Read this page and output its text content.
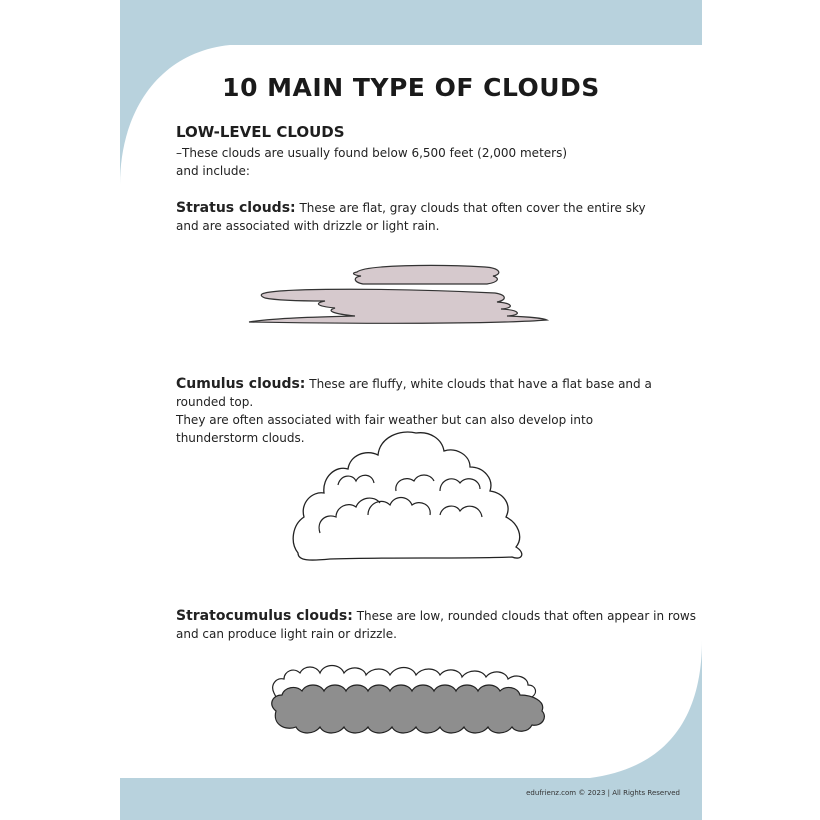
10 MAIN TYPE OF CLOUDS
LOW-LEVEL CLOUDS

–These clouds are usually found below 6,500 feet (2,000 meters)
and include:

Stratus clouds: These are flat, gray clouds that often cover the entire sky
and are associated with drizzle or light rain.

Cumulus clouds: These are fluffy, white clouds that have a flat base and a rounded top.
They are often associated with fair weather but can also develop into
thunderstorm clouds.

Stratocumulus clouds: These are low, rounded clouds that often appear in rows
and can produce light rain or drizzle.

edufrienz.com © 2023 | All Rights Reserved
